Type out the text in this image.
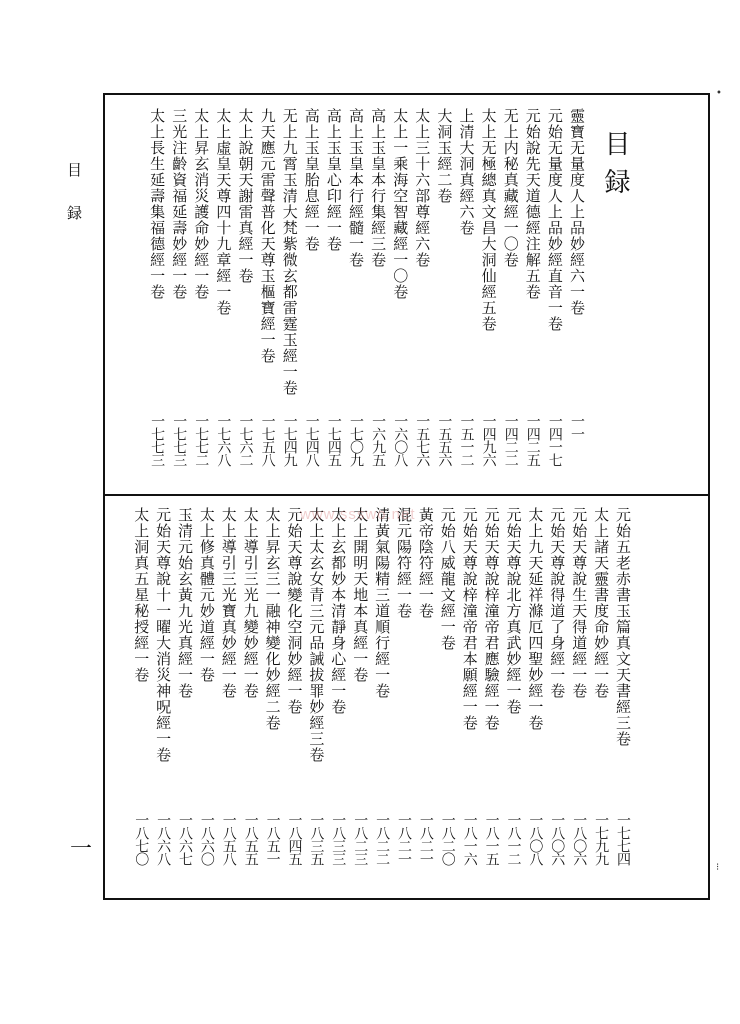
目録
一
目録
•
⁝
靈寶无量度人上品妙經六一卷
一一
元始无量度人上品妙經直音一卷
一四一七
元始說先天道德經注解五卷
一四二五
无上内秘真藏經一〇卷
一四二二
太上无極總真文昌大洞仙經五卷
一四九六
上清大洞真經六卷
一五一二
大洞玉經二卷
一五五六
太上三十六部尊經六卷
一五七六
太上一乘海空智藏經一〇卷
一六〇八
高上玉皇本行集經三卷
一六九五
高上玉皇本行經髓一卷
一七〇九
高上玉皇心印經一卷
一七四五
高上玉皇胎息經一卷
一七四八
无上九霄玉清大梵紫微玄都雷霆玉經一卷
一七四九
九天應元雷聲普化天尊玉樞寶經一卷
一七五八
太上說朝天謝雷真經一卷
一七六二
太上虛皇天尊四十九章經一卷
一七六八
太上昇玄消災護命妙經一卷
一七七二
三光注齡資福延壽妙經一卷
一七七三
太上長生延壽集福德經一卷
一七七三
元始五老赤書玉篇真文天書經三卷
一七七四
太上諸天靈書度命妙經一卷
一七九九
元始天尊說生天得道經一卷
一八〇六
元始天尊說得道了身經一卷
一八〇六
太上九天延祥滌厄四聖妙經一卷
一八〇八
元始天尊說北方真武妙經一卷
一八一二
元始天尊說梓潼帝君應驗經一卷
一八一五
元始天尊說梓潼帝君本願經一卷
一八一六
元始八威龍文經一卷
一八二〇
黃帝陰符經一卷
一八二一
混元陽符經一卷
一八二一
清黃氣陽精三道順行經一卷
一八二二
太上開明天地本真經一卷
一八二三
太上玄都妙本清靜身心經一卷
一八三三
太上太玄女青三元品誡拔罪妙經三卷
一八三五
元始天尊說變化空洞妙經一卷
一八四五
太上昇玄三一融神變化妙經二卷
一八五一
太上導引三光九變妙經一卷
一八五五
太上導引三光寶真妙經一卷
一八五八
太上修真體元妙道經一卷
一八六〇
玉清元始玄黃九光真經一卷
一八六七
元始天尊說十一曜大消災神呪經一卷
一八六八
太上洞真五星秘授經一卷
一八七〇
www.ssswo.net
